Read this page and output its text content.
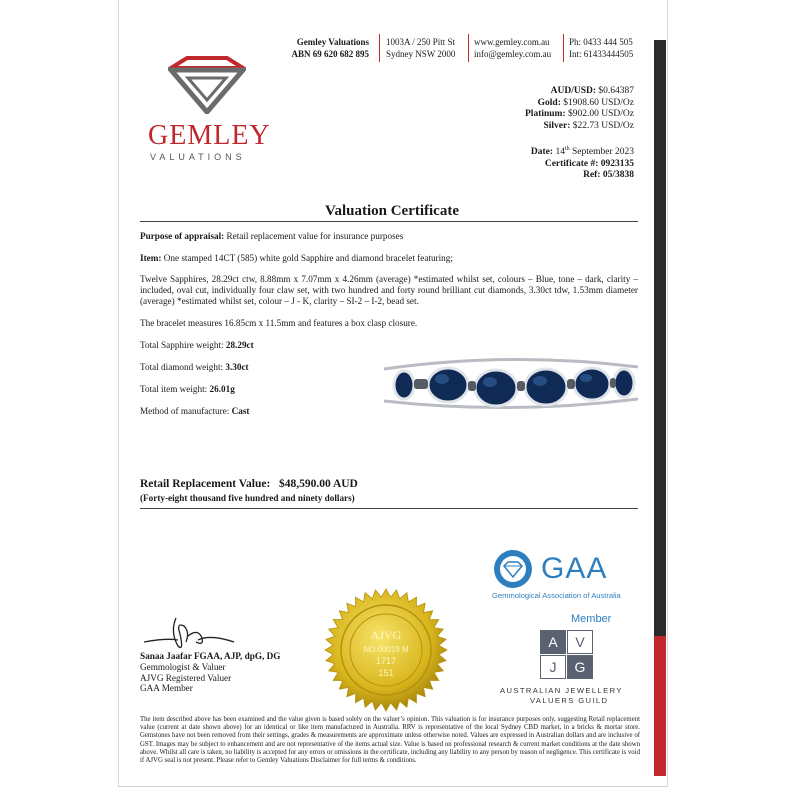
Gemley Valuations
ABN 69 620 682 895
1003A / 250 Pitt St
Sydney NSW 2000
www.gemley.com.au
info@gemley.com.au
Ph: 0433 444 505
Int: 61433444505
GEMLEY
VALUATIONS
AUD/USD: $0.64387
Gold: $1908.60 USD/Oz
Platinum: $902.00 USD/Oz
Silver: $22.73 USD/Oz
Date: 14th September 2023
Certificate #: 0923135
Ref: 05/3838
Valuation Certificate
Purpose of appraisal: Retail replacement value for insurance purposes
Item: One stamped 14CT (585) white gold Sapphire and diamond bracelet featuring;
Twelve Sapphires, 28.29ct ctw, 8.88mm x 7.07mm x 4.26mm (average) *estimated whilst set, colours – Blue, tone – dark, clarity – included, oval cut, individually four claw set, with two hundred and forty round brilliant cut diamonds, 3.30ct tdw, 1.53mm diameter (average) *estimated whilst set, colour – J - K, clarity – SI-2 – I-2, bead set.
The bracelet measures 16.85cm x 11.5mm and features a box clasp closure.
Total Sapphire weight: 28.29ct
Total diamond weight: 3.30ct
Total item weight: 26.01g
Method of manufacture: Cast
Retail Replacement Value: $48,590.00 AUD
(Forty-eight thousand five hundred and ninety dollars)
GAA
Gemmological Association of Australia
Member
A	V
J	G
AUSTRALIAN JEWELLERY
VALUERS GUILD
AJVG
NO 00019 M
1717
151
Sanaa Jaafar FGAA, AJP, dpG, DG
Gemmologist & Valuer
AJVG Registered Valuer
GAA Member
The item described above has been examined and the value given is based solely on the valuer’s opinion. This valuation is for insurance purposes only, suggesting Retail replacement value (current at date shown above) for an identical or like item manufactured in Australia. RRV is representative of the local Sydney CBD market, in a bricks & mortar store. Gemstones have not been removed from their settings, grades & measurements are approximate unless otherwise noted. Values are expressed in Australian dollars and are inclusive of GST. Images may be subject to enhancement and are not representative of the items actual size. Value is based on professional research & current market conditions at the date shown above. Whilst all care is taken, no liability is accepted for any errors or omissions in the certificate, including any liability to any person by reason of negligence. This certificate is void if AJVG seal is not present. Please refer to Gemley Valuations Disclaimer for full terms & conditions.
